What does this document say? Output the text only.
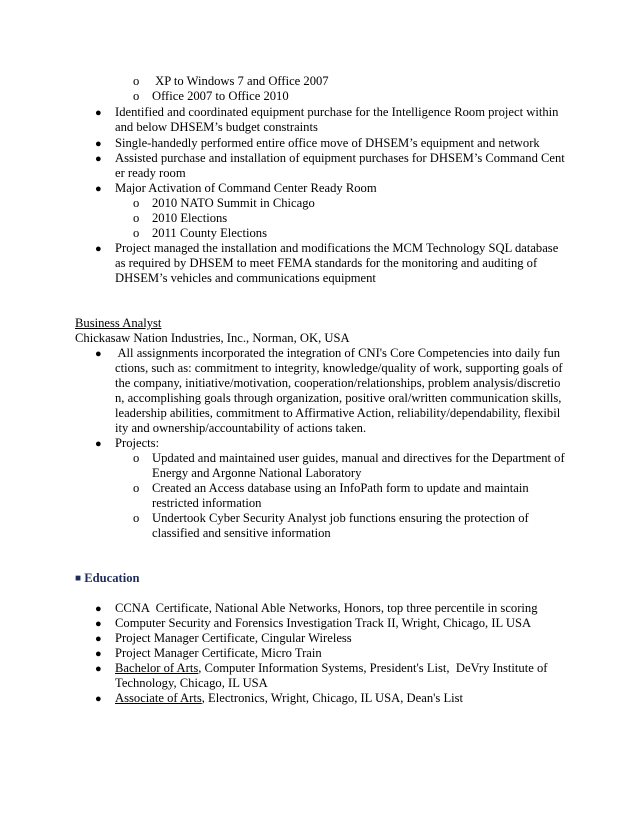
o XP to Windows 7 and Office 2007
o Office 2007 to Office 2010
● Identified and coordinated equipment purchase for the Intelligence Room project within
and below DHSEM’s budget constraints
● Single-handedly performed entire office move of DHSEM’s equipment and network
● Assisted purchase and installation of equipment purchases for DHSEM’s Command Cent
er ready room
● Major Activation of Command Center Ready Room
o 2010 NATO Summit in Chicago
o 2010 Elections
o 2011 County Elections
● Project managed the installation and modifications the MCM Technology SQL database
as required by DHSEM to meet FEMA standards for the monitoring and auditing of
DHSEM’s vehicles and communications equipment
Business Analyst
Chickasaw Nation Industries, Inc., Norman, OK, USA
● All assignments incorporated the integration of CNI's Core Competencies into daily fun
ctions, such as: commitment to integrity, knowledge/quality of work, supporting goals of
the company, initiative/motivation, cooperation/relationships, problem analysis/discretio
n, accomplishing goals through organization, positive oral/written communication skills,
leadership abilities, commitment to Affirmative Action, reliability/dependability, flexibil
ity and ownership/accountability of actions taken.
● Projects:
o Updated and maintained user guides, manual and directives for the Department of
Energy and Argonne National Laboratory
o Created an Access database using an InfoPath form to update and maintain
restricted information
o Undertook Cyber Security Analyst job functions ensuring the protection of
classified and sensitive information
■ Education
● CCNA  Certificate, National Able Networks, Honors, top three percentile in scoring
● Computer Security and Forensics Investigation Track II, Wright, Chicago, IL USA
● Project Manager Certificate, Cingular Wireless
● Project Manager Certificate, Micro Train
● Bachelor of Arts, Computer Information Systems, President's List,  DeVry Institute of
Technology, Chicago, IL USA
● Associate of Arts, Electronics, Wright, Chicago, IL USA, Dean's List
